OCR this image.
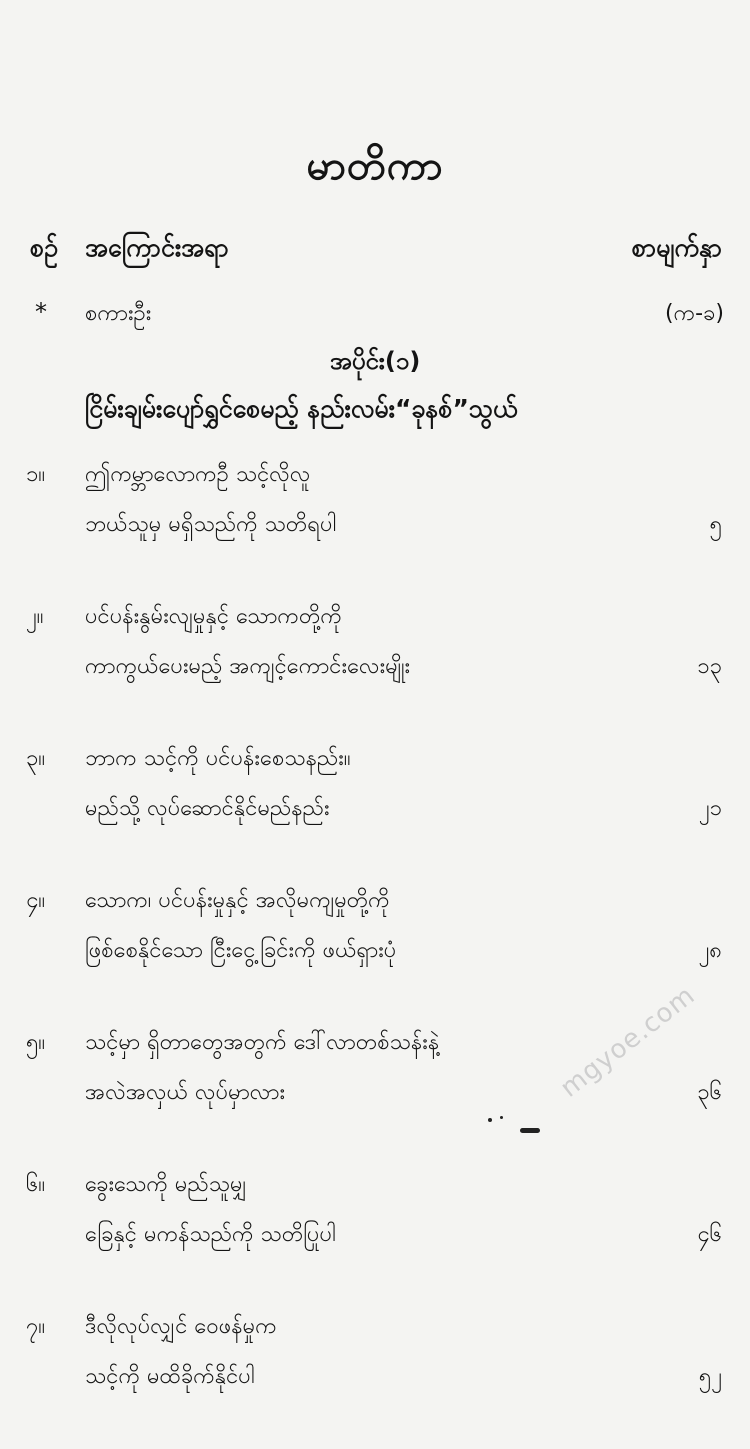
မာတိကာ
စဉ် အကြောင်းအရာ	စာမျက်နှာ
* စကားဦး	(က-ခ)
အပိုင်း(၁)
ငြိမ်းချမ်းပျော်ရွှင်စေမည့် နည်းလမ်း“ခုနစ်”သွယ်
၁။ ဤကမ္ဘာလောကဦ သင့်လိုလူ
ဘယ်သူမှ မရှိသည်ကို သတိရပါ	၅
၂။ ပင်ပန်းနွမ်းလျမှုနှင့် သောကတို့ကို
ကာကွယ်ပေးမည့် အကျင့်ကောင်းလေးမျိုး	၁၃
၃။ ဘာက သင့်ကို ပင်ပန်းစေသနည်း။
မည်သို့ လုပ်ဆောင်နိုင်မည်နည်း	၂၁
၄။ သောက၊ ပင်ပန်းမှုနှင့် အလိုမကျမှုတို့ကို
ဖြစ်စေနိုင်သော ငြီးငွေ့ခြင်းကို ဖယ်ရှားပုံ	၂၈
၅။ သင့်မှာ ရှိတာတွေအတွက် ဒေါ်လာတစ်သန်းနဲ့
အလဲအလှယ် လုပ်မှာလား	၃၆
၆။ ခွေးသေကို မည်သူမျှ
ခြေနှင့် မကန်သည်ကို သတိပြုပါ	၄၆
၇။ ဒီလိုလုပ်လျှင် ဝေဖန်မှုက
သင့်ကို မထိခိုက်နိုင်ပါ	၅၂
mgyoe.com
